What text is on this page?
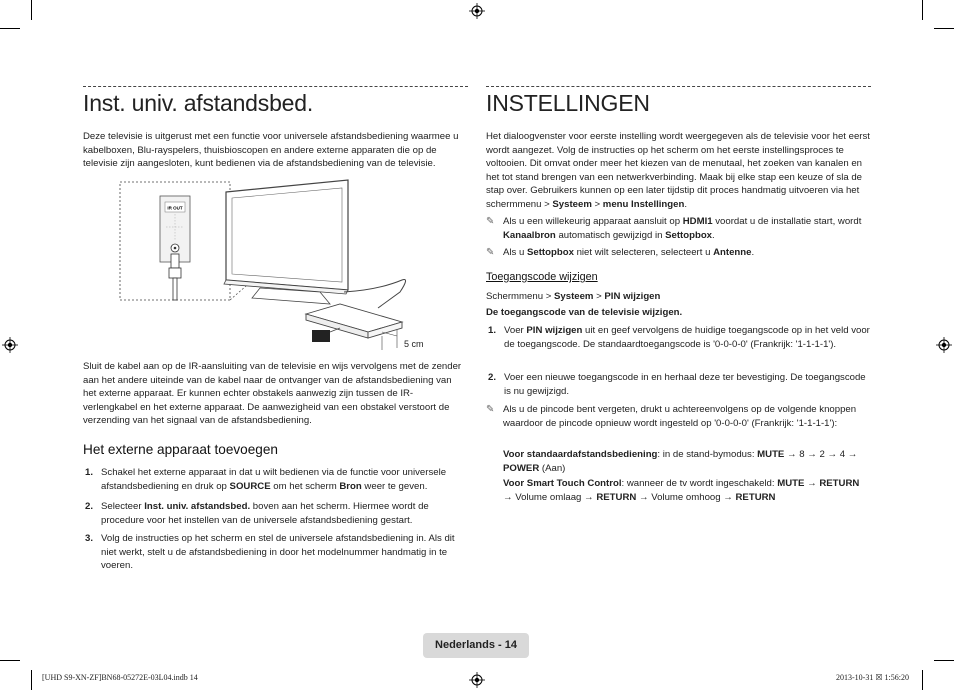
Inst. univ. afstandsbed.

Deze televisie is uitgerust met een functie voor universele afstandsbediening waarmee u kabelboxen, Blu-rayspelers, thuisbioscopen en andere externe apparaten die op de televisie zijn aangesloten, kunt bedienen via de afstandsbediening van de televisie.

IR OUT
5 cm

Sluit de kabel aan op de IR-aansluiting van de televisie en wijs vervolgens met de zender aan het andere uiteinde van de kabel naar de ontvanger van de afstandsbediening van het externe apparaat. Er kunnen echter obstakels aanwezig zijn tussen de IR-verlengkabel en het externe apparaat. De aanwezigheid van een obstakel verstoort de verzending van het signaal van de afstandsbediening.

Het externe apparaat toevoegen
1. Schakel het externe apparaat in dat u wilt bedienen via de functie voor universele afstandsbediening en druk op SOURCE om het scherm Bron weer te geven.
2. Selecteer Inst. univ. afstandsbed. boven aan het scherm. Hiermee wordt de procedure voor het instellen van de universele afstandsbediening gestart.
3. Volg de instructies op het scherm en stel de universele afstandsbediening in. Als dit niet werkt, stelt u de afstandsbediening in door het modelnummer handmatig in te voeren.
INSTELLINGEN

Het dialoogvenster voor eerste instelling wordt weergegeven als de televisie voor het eerst wordt aangezet. Volg de instructies op het scherm om het eerste instellingsproces te voltooien. Dit omvat onder meer het kiezen van de menutaal, het zoeken van kanalen en het tot stand brengen van een netwerkverbinding. Maak bij elke stap een keuze of sla de stap over. Gebruikers kunnen op een later tijdstip dit proces handmatig uitvoeren via het schermmenu > Systeem > menu Instellingen.

✎ Als u een willekeurig apparaat aansluit op HDMI1 voordat u de installatie start, wordt Kanaalbron automatisch gewijzigd in Settopbox.
✎ Als u Settopbox niet wilt selecteren, selecteert u Antenne.
Toegangscode wijzigen

Schermmenu > Systeem > PIN wijzigen

De toegangscode van de televisie wijzigen.

1. Voer PIN wijzigen uit en geef vervolgens de huidige toegangscode op in het veld voor de toegangscode. De standaardtoegangscode is '0-0-0-0' (Frankrijk: '1-1-1-1').
2. Voer een nieuwe toegangscode in en herhaal deze ter bevestiging. De toegangscode is nu gewijzigd.
✎ Als u de pincode bent vergeten, drukt u achtereenvolgens op de volgende knoppen waardoor de pincode opnieuw wordt ingesteld op '0-0-0-0' (Frankrijk: '1-1-1-1'):

Voor standaardafstandsbediening: in de stand-bymodus: MUTE → 8 → 2 → 4 → POWER (Aan)

Voor Smart Touch Control: wanneer de tv wordt ingeschakeld: MUTE → RETURN → Volume omlaag → RETURN → Volume omhoog → RETURN

Nederlands - 14
[UHD S9-XN-ZF]BN68-05272E-03L04.indb 14	2013-10-31 ☒ 1:56:20
